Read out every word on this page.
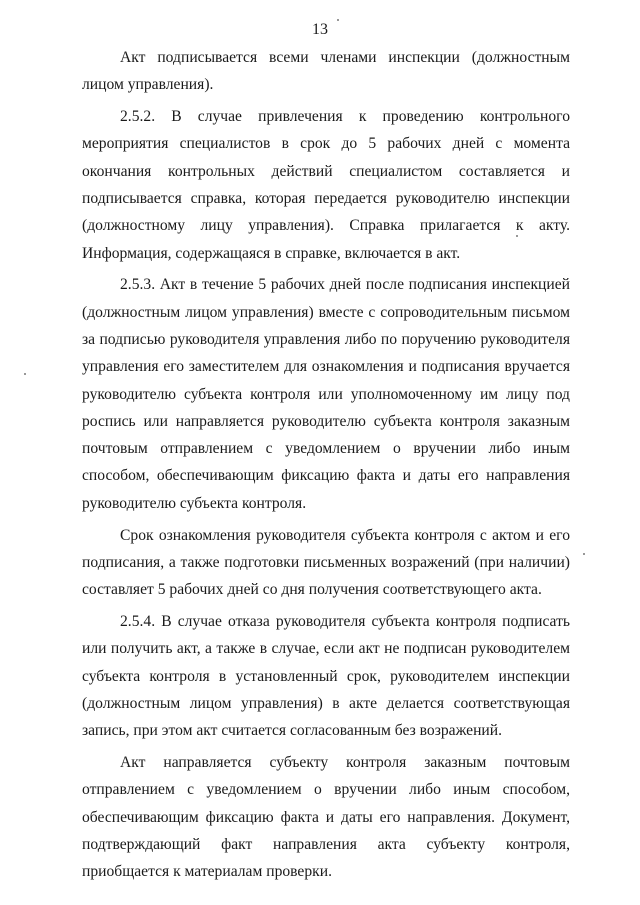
13

Акт подписывается всеми членами инспекции (должностным лицом управления).

2.5.2. В случае привлечения к проведению контрольного мероприятия специалистов в срок до 5 рабочих дней с момента окончания контрольных действий специалистом составляется и подписывается справка, которая передается руководителю инспекции (должностному лицу управления). Справка прилагается к акту. Информация, содержащаяся в справке, включается в акт.

2.5.3. Акт в течение 5 рабочих дней после подписания инспекцией (должностным лицом управления) вместе с сопроводительным письмом за подписью руководителя управления либо по поручению руководителя управления его заместителем для ознакомления и подписания вручается руководителю субъекта контроля или уполномоченному им лицу под роспись или направляется руководителю субъекта контроля заказным почтовым отправлением с уведомлением о вручении либо иным способом, обеспечивающим фиксацию факта и даты его направления руководителю субъекта контроля.

Срок ознакомления руководителя субъекта контроля с актом и его подписания, а также подготовки письменных возражений (при наличии) составляет 5 рабочих дней со дня получения соответствующего акта.

2.5.4. В случае отказа руководителя субъекта контроля подписать или получить акт, а также в случае, если акт не подписан руководителем субъекта контроля в установленный срок, руководителем инспекции (должностным лицом управления) в акте делается соответствующая запись, при этом акт считается согласованным без возражений.

Акт направляется субъекту контроля заказным почтовым отправлением с уведомлением о вручении либо иным способом, обеспечивающим фиксацию факта и даты его направления. Документ, подтверждающий факт направления акта субъекту контроля, приобщается к материалам проверки.
